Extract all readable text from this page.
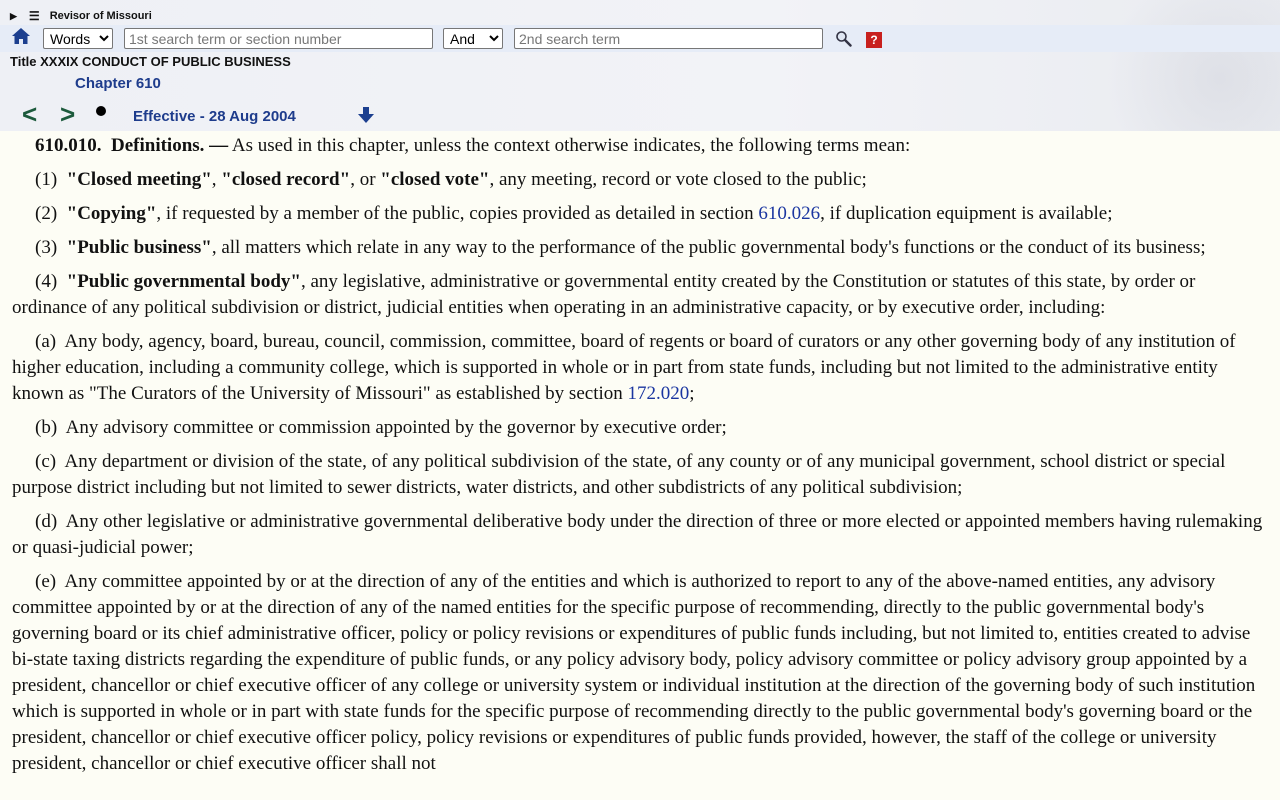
▶ ☰ Revisor of Missouri
Words
1st search term or section number
And
2nd search term
?
Title XXXIX CONDUCT OF PUBLIC BUSINESS
Chapter 610
< >	Effective - 28 Aug 2004

610.010. Definitions. — As used in this chapter, unless the context otherwise indicates, the following terms mean:

(1) "Closed meeting", "closed record", or "closed vote", any meeting, record or vote closed to the public;

(2) "Copying", if requested by a member of the public, copies provided as detailed in section 610.026, if duplication equipment is available;

(3) "Public business", all matters which relate in any way to the performance of the public governmental body's functions or the conduct of its business;

(4) "Public governmental body", any legislative, administrative or governmental entity created by the Constitution or statutes of this state, by order or ordinance of any political subdivision or district, judicial entities when operating in an administrative capacity, or by executive order, including:

(a) Any body, agency, board, bureau, council, commission, committee, board of regents or board of curators or any other governing body of any institution of higher education, including a community college, which is supported in whole or in part from state funds, including but not limited to the administrative entity known as "The Curators of the University of Missouri" as established by section 172.020;

(b) Any advisory committee or commission appointed by the governor by executive order;

(c) Any department or division of the state, of any political subdivision of the state, of any county or of any municipal government, school district or special purpose district including but not limited to sewer districts, water districts, and other subdistricts of any political subdivision;

(d) Any other legislative or administrative governmental deliberative body under the direction of three or more elected or appointed members having rulemaking or quasi-judicial power;

(e) Any committee appointed by or at the direction of any of the entities and which is authorized to report to any of the above-named entities, any advisory committee appointed by or at the direction of any of the named entities for the specific purpose of recommending, directly to the public governmental body's governing board or its chief administrative officer, policy or policy revisions or expenditures of public funds including, but not limited to, entities created to advise bi-state taxing districts regarding the expenditure of public funds, or any policy advisory body, policy advisory committee or policy advisory group appointed by a president, chancellor or chief executive officer of any college or university system or individual institution at the direction of the governing body of such institution which is supported in whole or in part with state funds for the specific purpose of recommending directly to the public governmental body's governing board or the president, chancellor or chief executive officer policy, policy revisions or expenditures of public funds provided, however, the staff of the college or university president, chancellor or chief executive officer shall not
